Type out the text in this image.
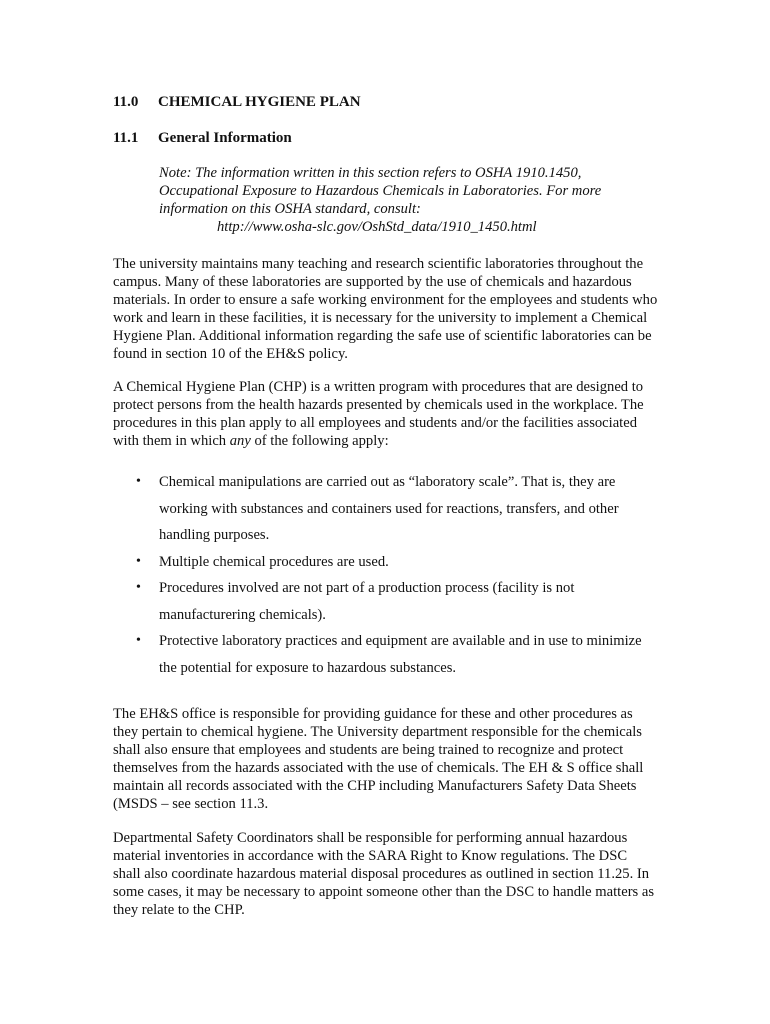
11.0 CHEMICAL HYGIENE PLAN
11.1 General Information
Note: The information written in this section refers to OSHA 1910.1450, Occupational Exposure to Hazardous Chemicals in Laboratories. For more information on this OSHA standard, consult:
http://www.osha-slc.gov/OshStd_data/1910_1450.html
The university maintains many teaching and research scientific laboratories throughout the campus. Many of these laboratories are supported by the use of chemicals and hazardous materials. In order to ensure a safe working environment for the employees and students who work and learn in these facilities, it is necessary for the university to implement a Chemical Hygiene Plan. Additional information regarding the safe use of scientific laboratories can be found in section 10 of the EH&S policy.
A Chemical Hygiene Plan (CHP) is a written program with procedures that are designed to protect persons from the health hazards presented by chemicals used in the workplace. The procedures in this plan apply to all employees and students and/or the facilities associated with them in which any of the following apply:
• Chemical manipulations are carried out as “laboratory scale”. That is, they are working with substances and containers used for reactions, transfers, and other handling purposes.
• Multiple chemical procedures are used.
• Procedures involved are not part of a production process (facility is not manufacturering chemicals).
• Protective laboratory practices and equipment are available and in use to minimize the potential for exposure to hazardous substances.
The EH&S office is responsible for providing guidance for these and other procedures as they pertain to chemical hygiene. The University department responsible for the chemicals shall also ensure that employees and students are being trained to recognize and protect themselves from the hazards associated with the use of chemicals. The EH & S office shall maintain all records associated with the CHP including Manufacturers Safety Data Sheets (MSDS – see section 11.3.
Departmental Safety Coordinators shall be responsible for performing annual hazardous material inventories in accordance with the SARA Right to Know regulations. The DSC shall also coordinate hazardous material disposal procedures as outlined in section 11.25. In some cases, it may be necessary to appoint someone other than the DSC to handle matters as they relate to the CHP.
